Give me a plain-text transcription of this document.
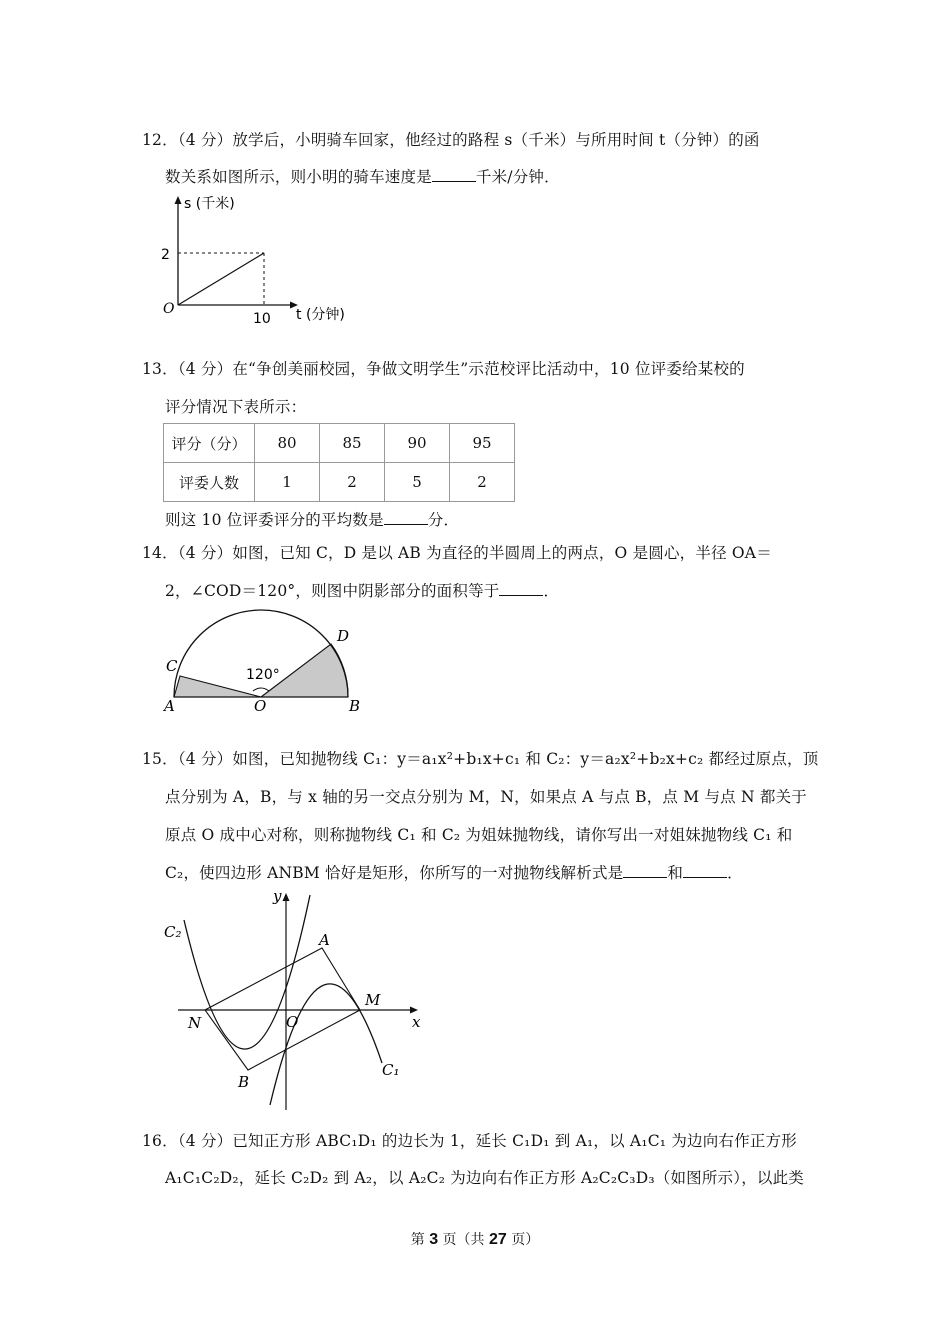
12．（4 分）放学后，小明骑车回家，他经过的路程 s（千米）与所用时间 t（分钟）的函
数关系如图所示，则小明的骑车速度是	千米/分钟．
s (千米)
2
O
10 t (分钟)
13．（4 分）在“争创美丽校园，争做文明学生”示范校评比活动中，10 位评委给某校的
评分情况下表所示：
评分（分）	80	85	90	95
评委人数	1	2	5	2
则这 10 位评委评分的平均数是	分．
14．（4 分）如图，已知 C，D 是以 AB 为直径的半圆周上的两点，O 是圆心，半径 OA＝
2，∠COD＝120°，则图中阴影部分的面积等于	．
120°
C
D
A	O	B
15．（4 分）如图，已知抛物线 C₁：y＝a₁x²+b₁x+c₁ 和 C₂：y＝a₂x²+b₂x+c₂ 都经过原点，顶
点分别为 A，B，与 x 轴的另一交点分别为 M，N，如果点 A 与点 B，点 M 与点 N 都关于
原点 O 成中心对称，则称抛物线 C₁ 和 C₂ 为姐妹抛物线，请你写出一对姐妹抛物线 C₁ 和
C₂，使四边形 ANBM 恰好是矩形，你所写的一对抛物线解析式是	和	．
y
x
O
A
B
M
N
C₂
C₁
16．（4 分）已知正方形 ABC₁D₁ 的边长为 1，延长 C₁D₁ 到 A₁，以 A₁C₁ 为边向右作正方形
A₁C₁C₂D₂，延长 C₂D₂ 到 A₂，以 A₂C₂ 为边向右作正方形 A₂C₂C₃D₃（如图所示），以此类
第 3 页（共 27 页）
